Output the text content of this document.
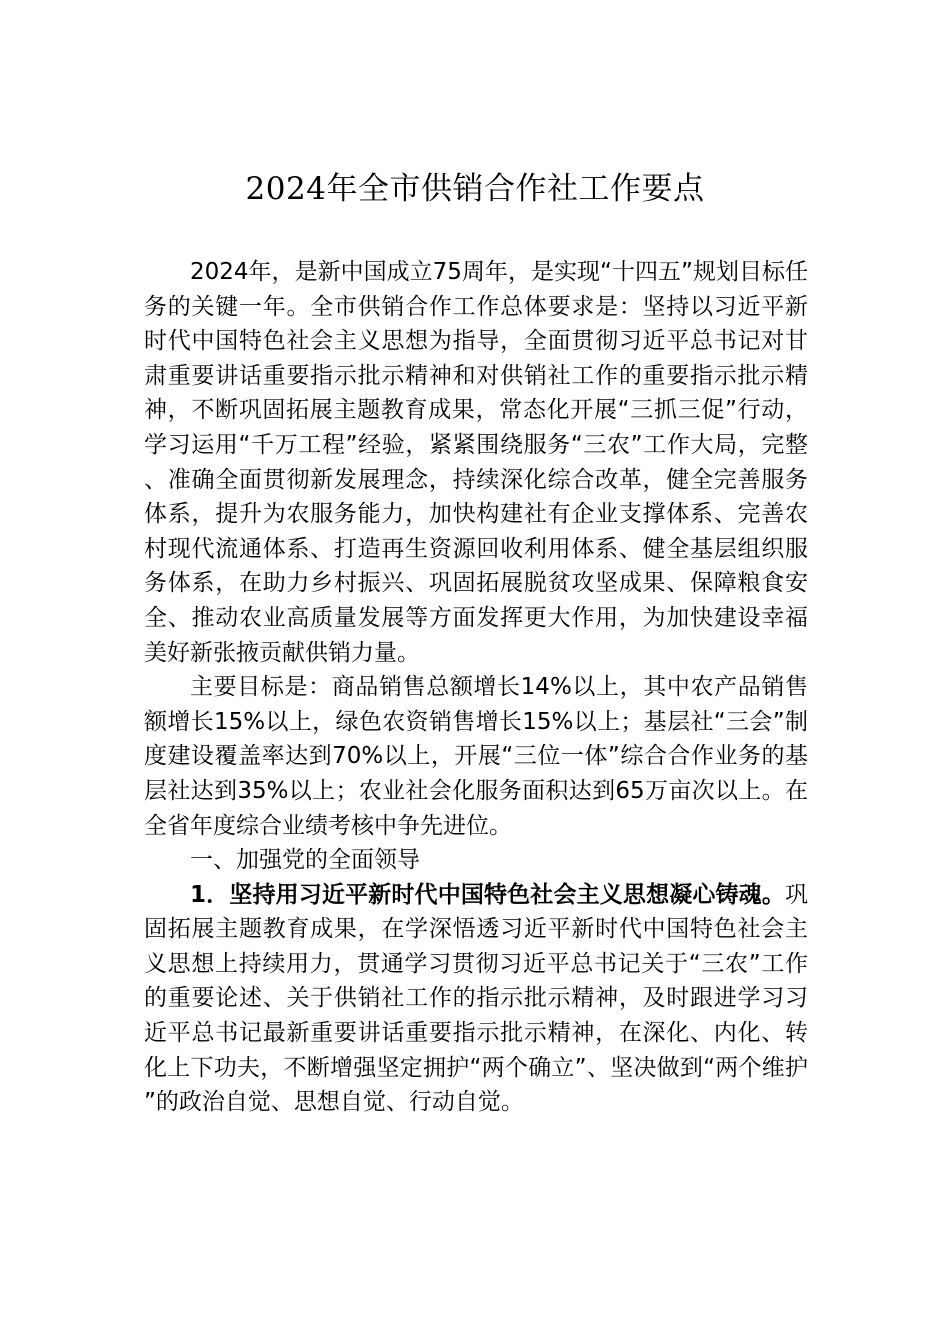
2024年全市供销合作社工作要点

2024年，是新中国成立75周年，是实现“十四五”规划目标任务的关键一年。全市供销合作工作总体要求是：坚持以习近平新时代中国特色社会主义思想为指导，全面贯彻习近平总书记对甘肃重要讲话重要指示批示精神和对供销社工作的重要指示批示精神，不断巩固拓展主题教育成果，常态化开展“三抓三促”行动，学习运用“千万工程”经验，紧紧围绕服务“三农”工作大局，完整、准确全面贯彻新发展理念，持续深化综合改革，健全完善服务体系，提升为农服务能力，加快构建社有企业支撑体系、完善农村现代流通体系、打造再生资源回收利用体系、健全基层组织服务体系，在助力乡村振兴、巩固拓展脱贫攻坚成果、保障粮食安全、推动农业高质量发展等方面发挥更大作用，为加快建设幸福美好新张掖贡献供销力量。

主要目标是：商品销售总额增长14%以上，其中农产品销售额增长15%以上，绿色农资销售增长15%以上；基层社“三会”制度建设覆盖率达到70%以上，开展“三位一体”综合合作业务的基层社达到35%以上；农业社会化服务面积达到65万亩次以上。在全省年度综合业绩考核中争先进位。

一、加强党的全面领导

1．坚持用习近平新时代中国特色社会主义思想凝心铸魂。巩固拓展主题教育成果，在学深悟透习近平新时代中国特色社会主义思想上持续用力，贯通学习贯彻习近平总书记关于“三农”工作的重要论述、关于供销社工作的指示批示精神，及时跟进学习习近平总书记最新重要讲话重要指示批示精神，在深化、内化、转化上下功夫，不断增强坚定拥护“两个确立”、坚决做到“两个维护”的政治自觉、思想自觉、行动自觉。
